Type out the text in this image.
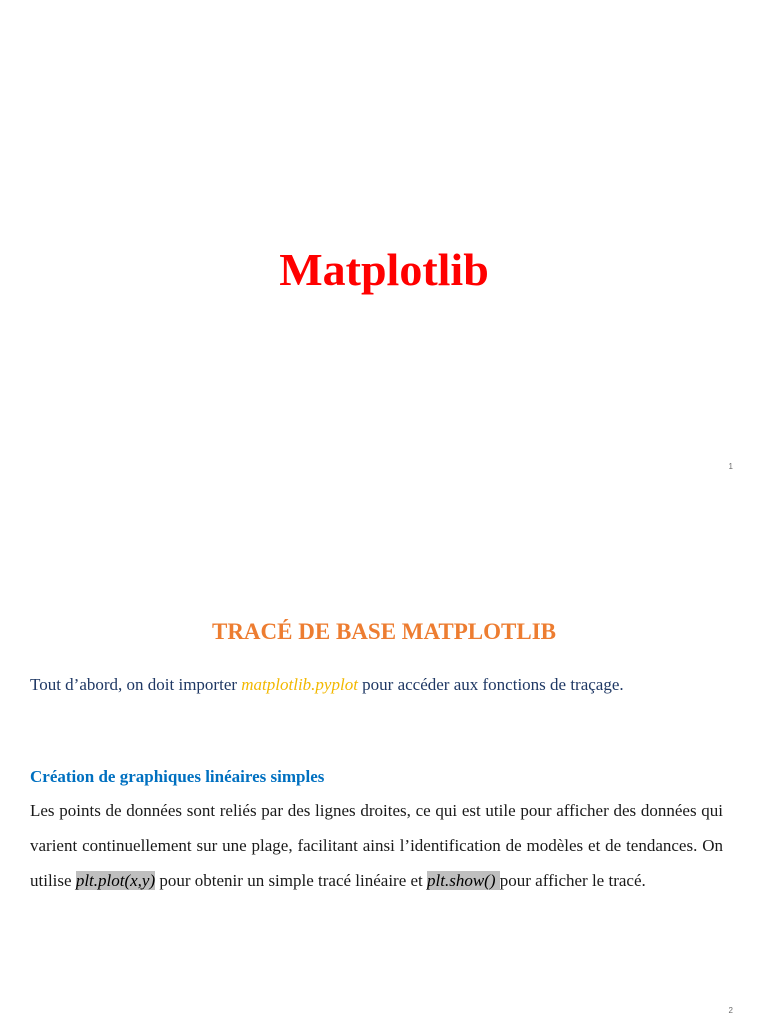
Matplotlib
1
TRACÉ DE BASE MATPLOTLIB

Tout d’abord, on doit importer matplotlib.pyplot pour accéder aux fonctions de traçage.

Création de graphiques linéaires simples

Les points de données sont reliés par des lignes droites, ce qui est utile pour afficher des données qui varient continuellement sur une plage, facilitant ainsi l’identification de modèles et de tendances. On utilise plt.plot(x,y) pour obtenir un simple tracé linéaire et plt.show() pour afficher le tracé.

2
